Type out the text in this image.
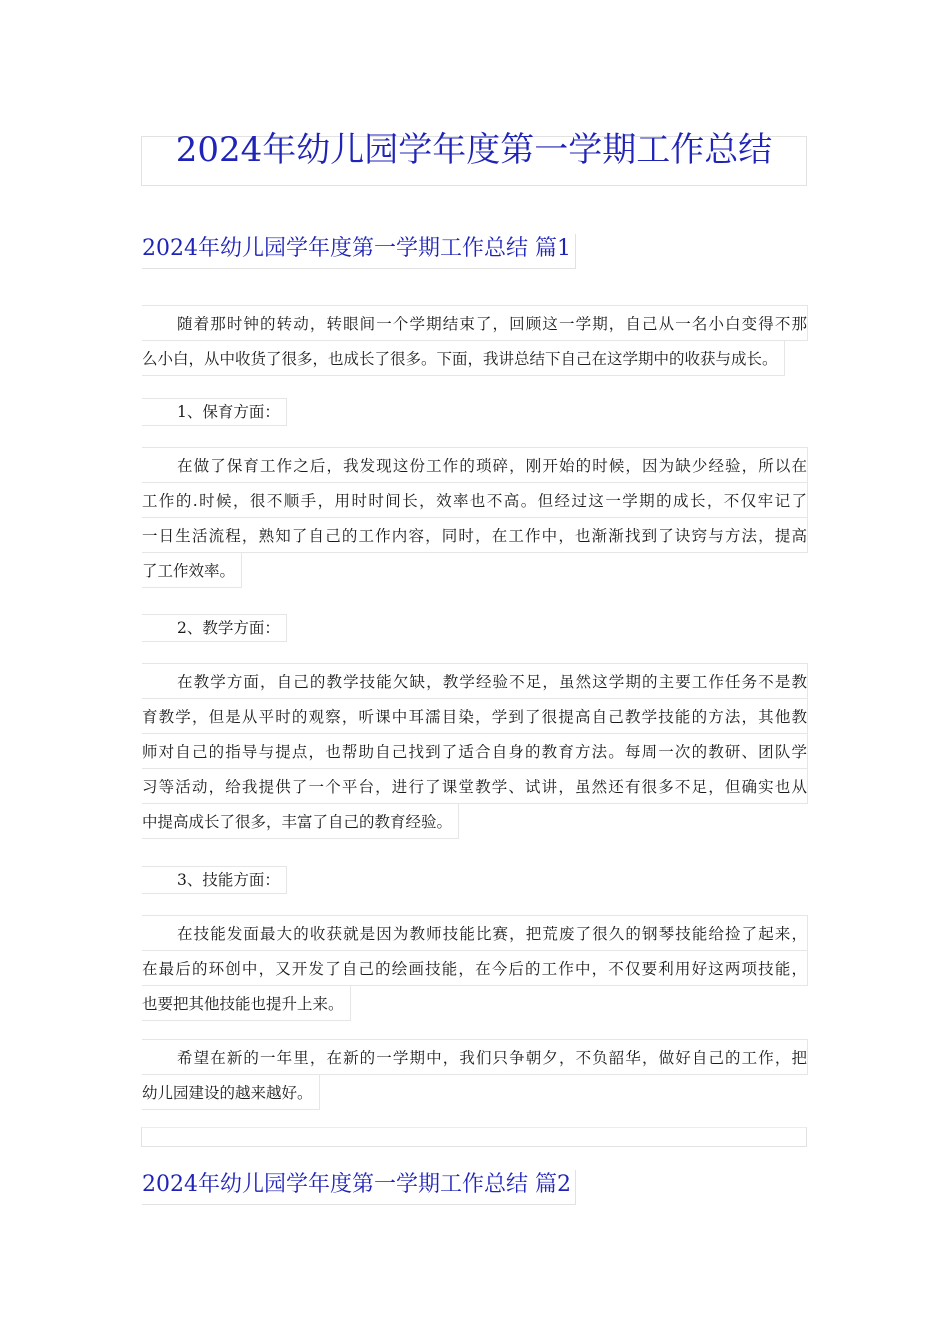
2024年幼儿园学年度第一学期工作总结
2024年幼儿园学年度第一学期工作总结 篇1
随着那时钟的转动，转眼间一个学期结束了，回顾这一学期，自己从一名小白变得不那
么小白，从中收货了很多，也成长了很多。下面，我讲总结下自己在这学期中的收获与成长。
1、保育方面：
在做了保育工作之后，我发现这份工作的琐碎，刚开始的时候，因为缺少经验，所以在
工作的.时候，很不顺手，用时时间长，效率也不高。但经过这一学期的成长，不仅牢记了
一日生活流程，熟知了自己的工作内容，同时，在工作中，也渐渐找到了诀窍与方法，提高
了工作效率。
2、教学方面：
在教学方面，自己的教学技能欠缺，教学经验不足，虽然这学期的主要工作任务不是教
育教学，但是从平时的观察，听课中耳濡目染，学到了很提高自己教学技能的方法，其他教
师对自己的指导与提点，也帮助自己找到了适合自身的教育方法。每周一次的教研、团队学
习等活动，给我提供了一个平台，进行了课堂教学、试讲，虽然还有很多不足，但确实也从
中提高成长了很多，丰富了自己的教育经验。
3、技能方面：
在技能发面最大的收获就是因为教师技能比赛，把荒废了很久的钢琴技能给捡了起来，
在最后的环创中，又开发了自己的绘画技能，在今后的工作中，不仅要利用好这两项技能，
也要把其他技能也提升上来。
希望在新的一年里，在新的一学期中，我们只争朝夕，不负韶华，做好自己的工作，把
幼儿园建设的越来越好。
2024年幼儿园学年度第一学期工作总结 篇2
